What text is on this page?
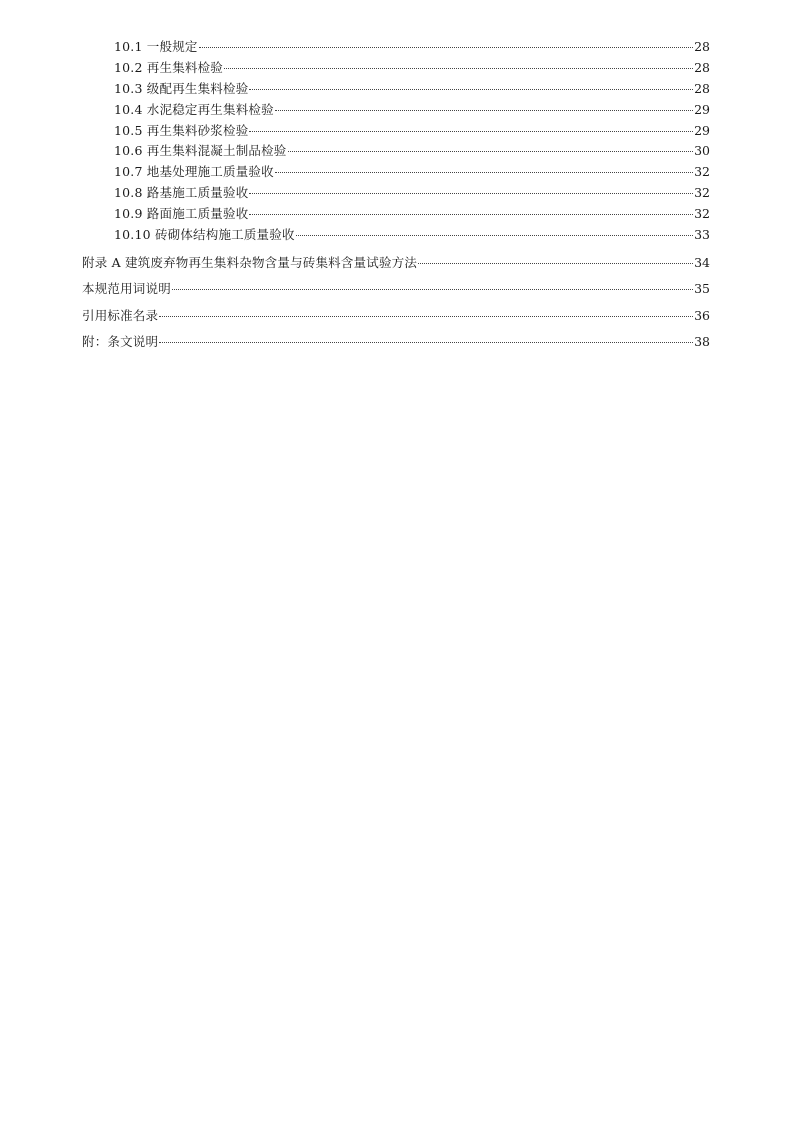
10.1 一般规定	28
10.2 再生集料检验	28
10.3 级配再生集料检验	28
10.4 水泥稳定再生集料检验	29
10.5 再生集料砂浆检验	29
10.6 再生集料混凝土制品检验	30
10.7 地基处理施工质量验收	32
10.8 路基施工质量验收	32
10.9 路面施工质量验收	32
10.10 砖砌体结构施工质量验收	33
附录 A 建筑废弃物再生集料杂物含量与砖集料含量试验方法	34
本规范用词说明	35
引用标准名录	36
附：条文说明	38
